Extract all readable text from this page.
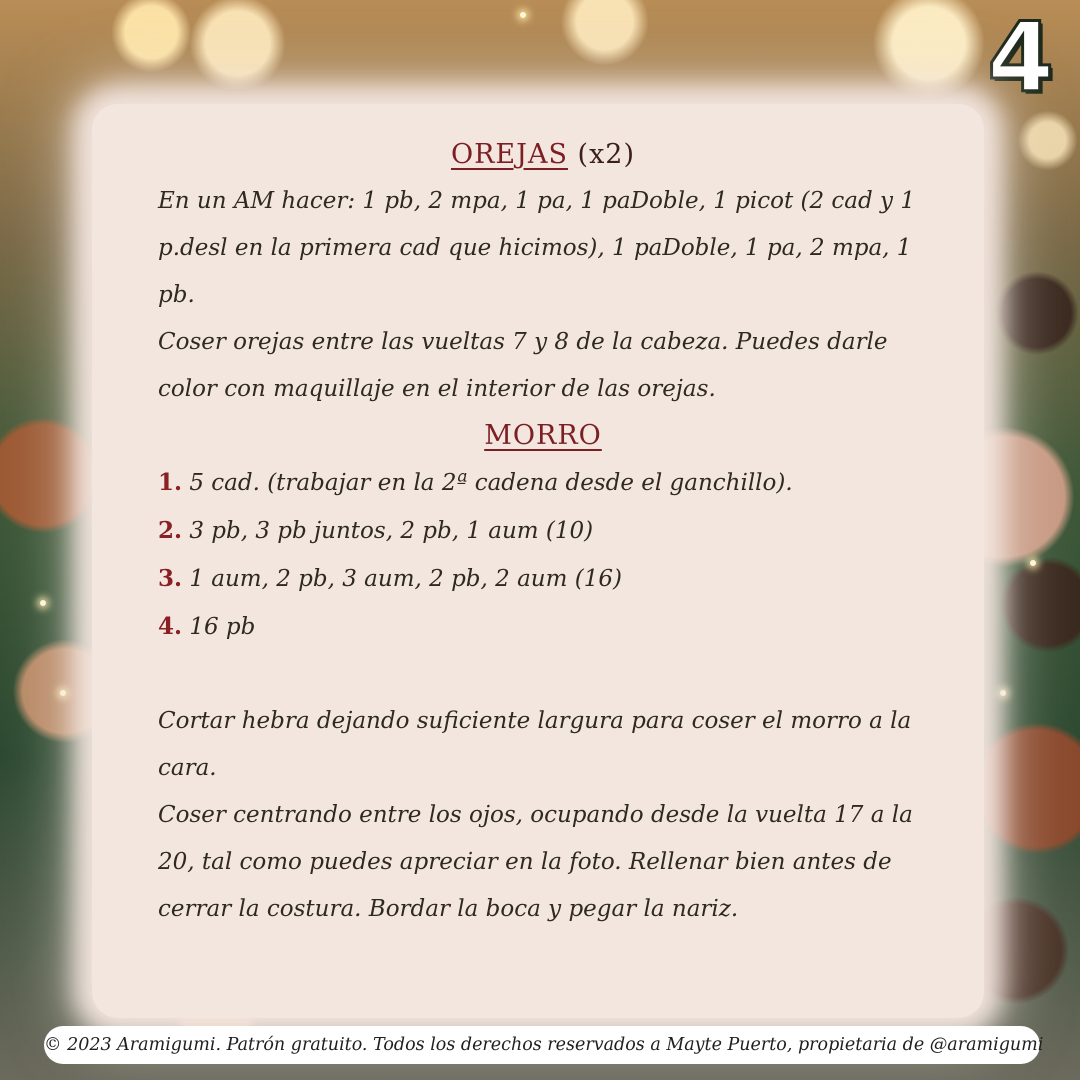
4

OREJAS (x2)

En un AM hacer: 1 pb, 2 mpa, 1 pa, 1 paDoble, 1 picot (2 cad y 1 p.desl en la primera cad que hicimos), 1 paDoble, 1 pa, 2 mpa, 1 pb.

Coser orejas entre las vueltas 7 y 8 de la cabeza. Puedes darle color con maquillaje en el interior de las orejas.

MORRO

1. 5 cad. (trabajar en la 2ª cadena desde el ganchillo).

2. 3 pb, 3 pb juntos, 2 pb, 1 aum (10)

3. 1 aum, 2 pb, 3 aum, 2 pb, 2 aum (16)

4. 16 pb

Cortar hebra dejando suficiente largura para coser el morro a la cara.

Coser centrando entre los ojos, ocupando desde la vuelta 17 a la 20, tal como puedes apreciar en la foto. Rellenar bien antes de cerrar la costura. Bordar la boca y pegar la nariz.

© 2023 Aramigumi. Patrón gratuito. Todos los derechos reservados a Mayte Puerto, propietaria de @aramigumi
